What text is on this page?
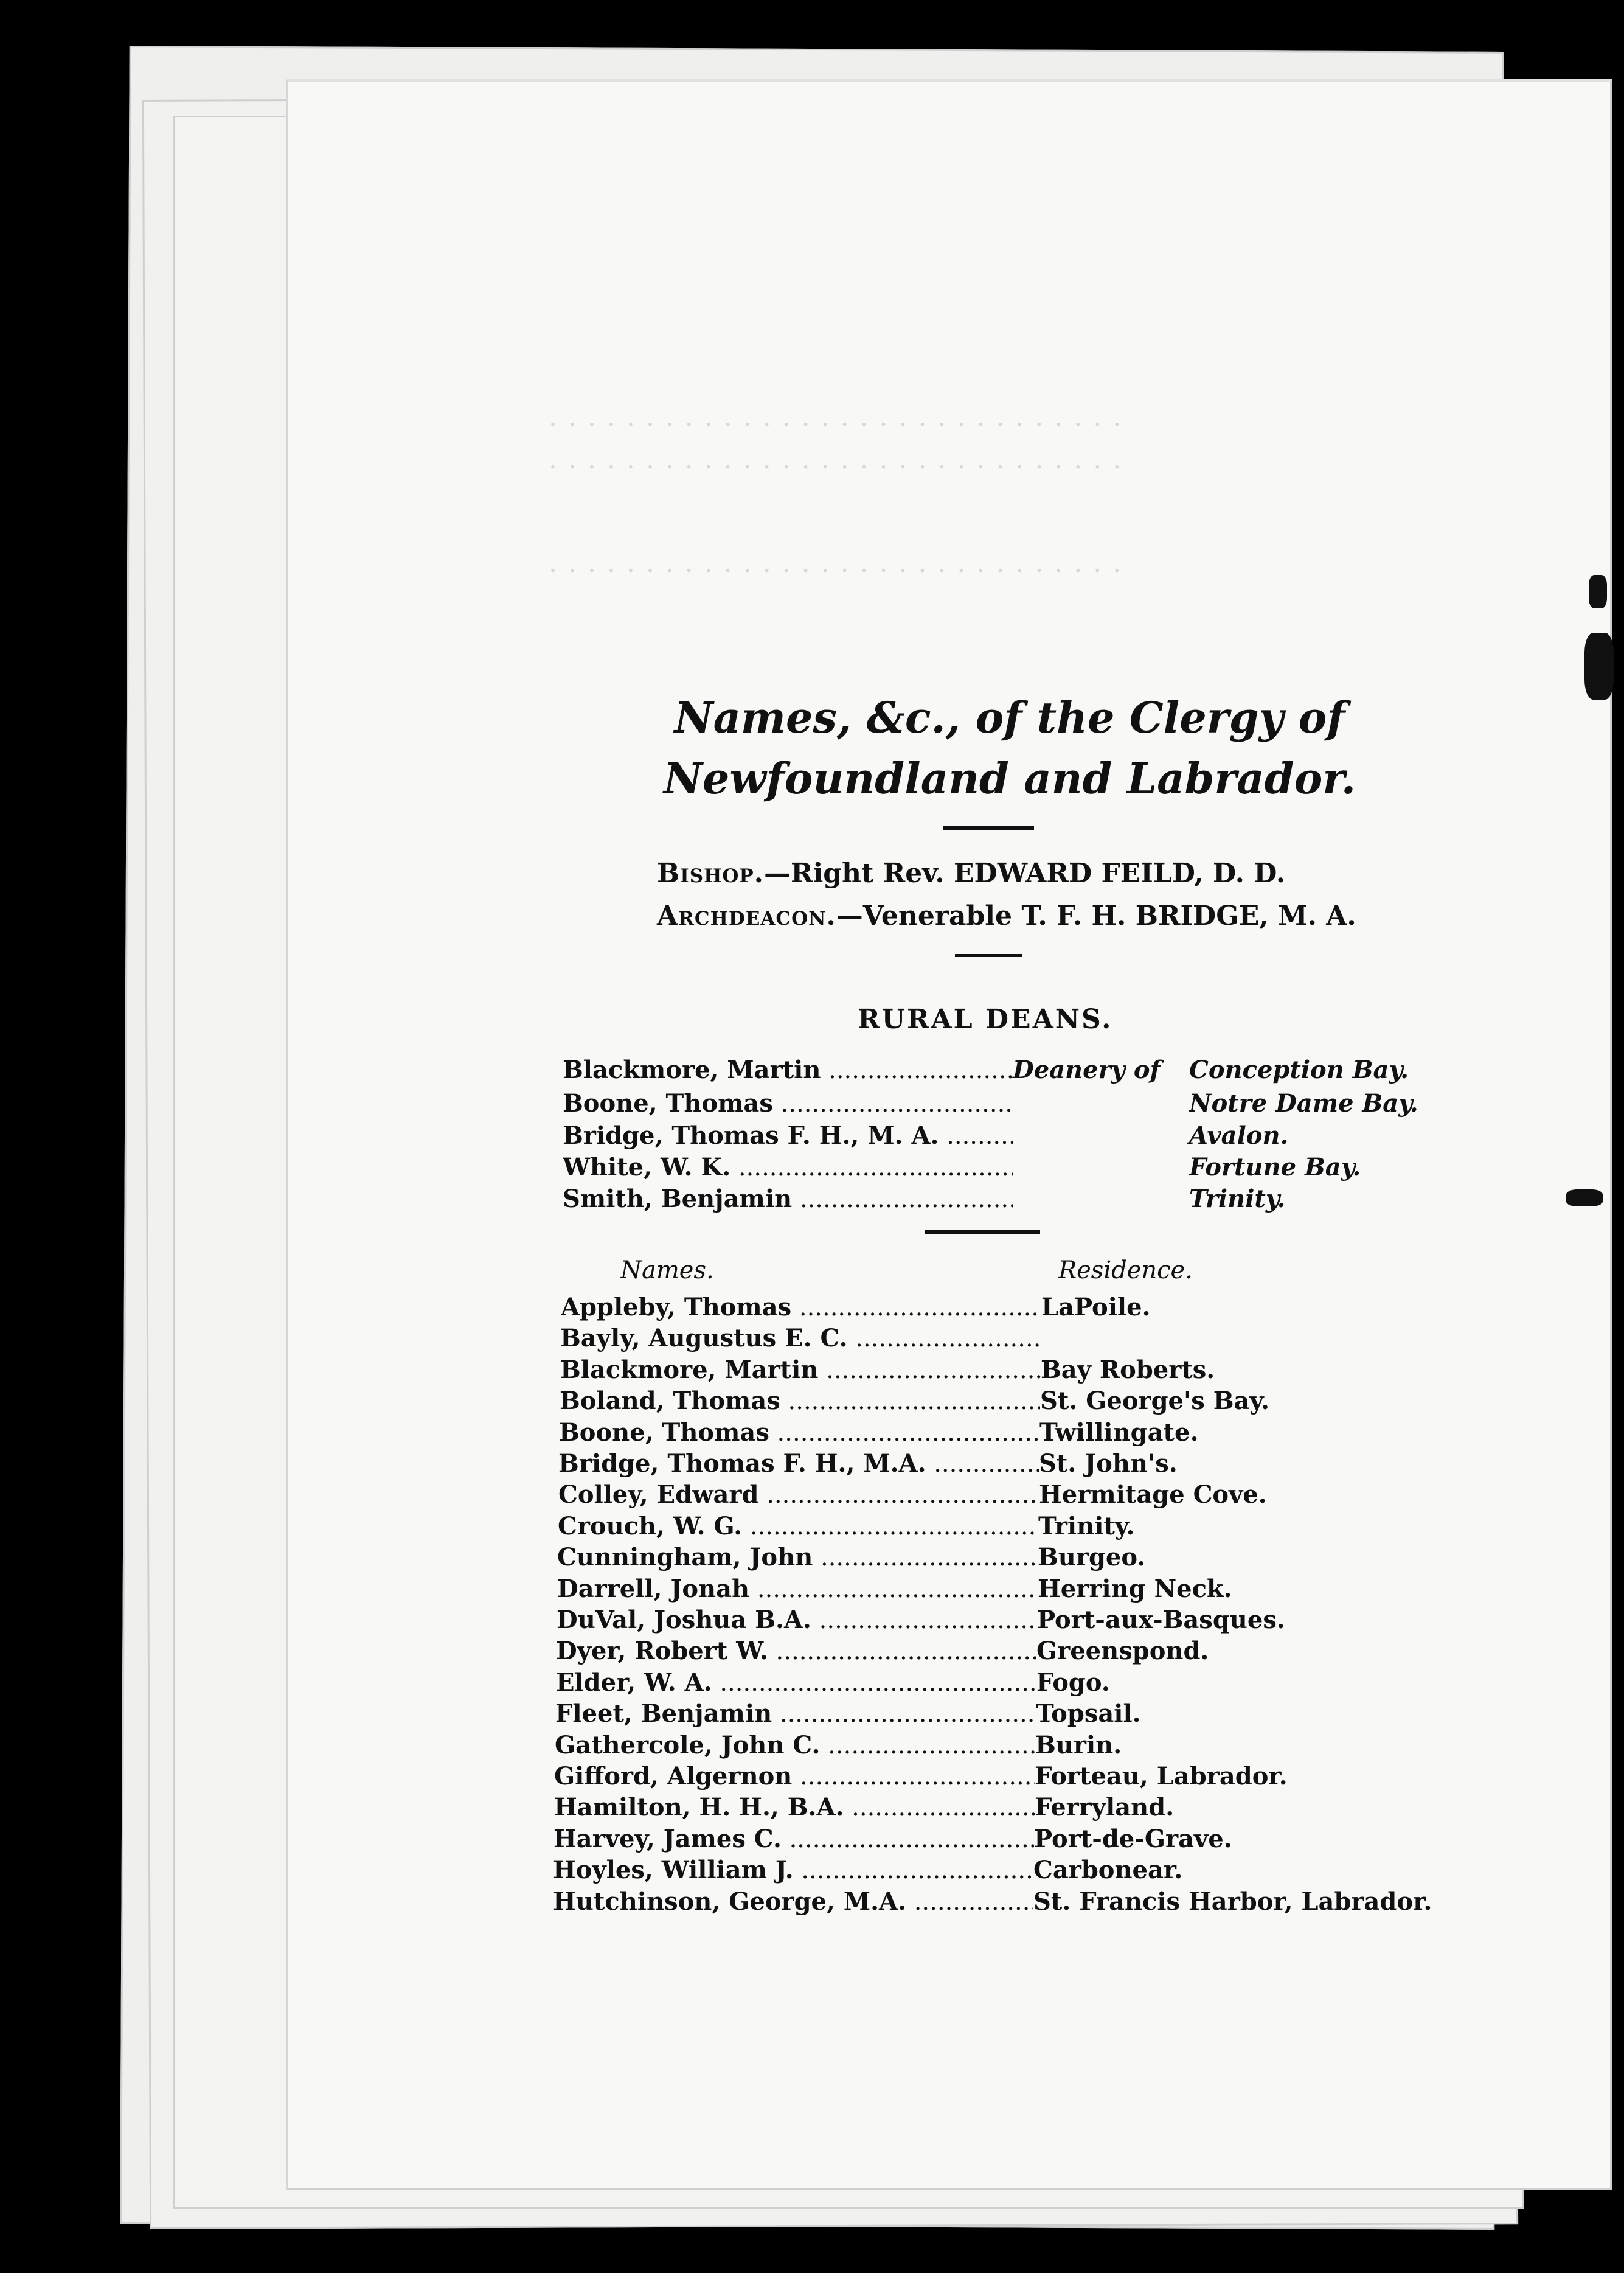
. . . . . . . . . . . . . . . . . . . . . . . . . . . . . .
. . . . . . . . . . . . . . . . . . . . . . . . . . . . . .
. . . . . . . . . . . . . . . . . . . . . . . . . . . . . .
Names, &c., of the Clergy of Newfoundland and Labrador.
Bishop.—Right Rev. EDWARD FEILD, D. D.
Archdeacon.—Venerable T. F. H. BRIDGE, M. A.
RURAL DEANS.
Blackmore, Martin .....	Deanery of	Conception Bay.
Boone, Thomas .....	Notre Dame Bay.
Bridge, Thomas F. H., M. A. .....	Avalon.
White, W. K. .....	Fortune Bay.
Smith, Benjamin .....	Trinity.
Names.	Residence.
Appleby, Thomas .....	LaPoile.
Bayly, Augustus E. C. .....
Blackmore, Martin .....	Bay Roberts.
Boland, Thomas .....	St. George's Bay.
Boone, Thomas .....	Twillingate.
Bridge, Thomas F. H., M.A. .....	St. John's.
Colley, Edward .....	Hermitage Cove.
Crouch, W. G. .....	Trinity.
Cunningham, John .....	Burgeo.
Darrell, Jonah .....	Herring Neck.
DuVal, Joshua B.A. .....	Port-aux-Basques.
Dyer, Robert W. .....	Greenspond.
Elder, W. A. .....	Fogo.
Fleet, Benjamin .....	Topsail.
Gathercole, John C. .....	Burin.
Gifford, Algernon .....	Forteau, Labrador.
Hamilton, H. H., B.A. .....	Ferryland.
Harvey, James C. .....	Port-de-Grave.
Hoyles, William J. .....	Carbonear.
Hutchinson, George, M.A. .....	St. Francis Harbor, Labrador.
